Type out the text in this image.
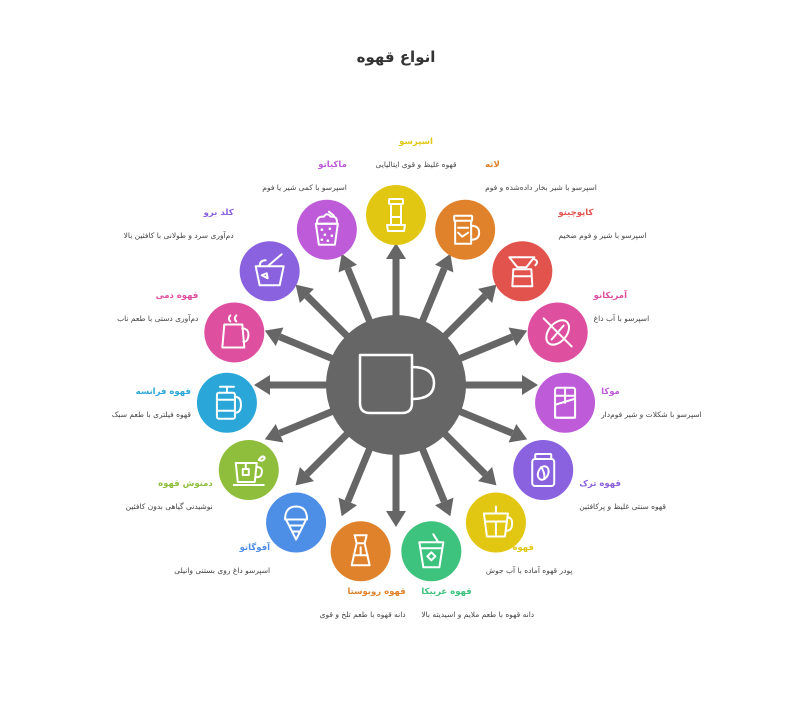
انواع قهوه
اسپرسو
قهوه غلیظ و قوی ایتالیایی	لاته
اسپرسو با شیر بخار داده‌شده و فوم
کاپوچینو
اسپرسو با شیر و فوم ضخیم
آمریکانو
اسپرسو با آب داغ
موکا
اسپرسو با شکلات و شیر فوم‌دار
قهوه ترک
قهوه سنتی غلیظ و پرکافئین
قهوه فوری
پودر قهوه آماده با آب جوش
قهوه عربیکا
دانه قهوه با طعم ملایم و اسیدیته بالا
قهوه روبوستا
دانه قهوه با طعم تلخ و قوی
آفوگاتو
اسپرسو داغ روی بستنی وانیلی
دمنوش قهوه
نوشیدنی گیاهی بدون کافئین
قهوه فرانسه
قهوه فیلتری با طعم سبک
قهوه دمی
دم‌آوری دستی با طعم ناب
کلد برو
دم‌آوری سرد و طولانی با کافئین بالا
ماکیاتو
اسپرسو با کمی شیر یا فوم
